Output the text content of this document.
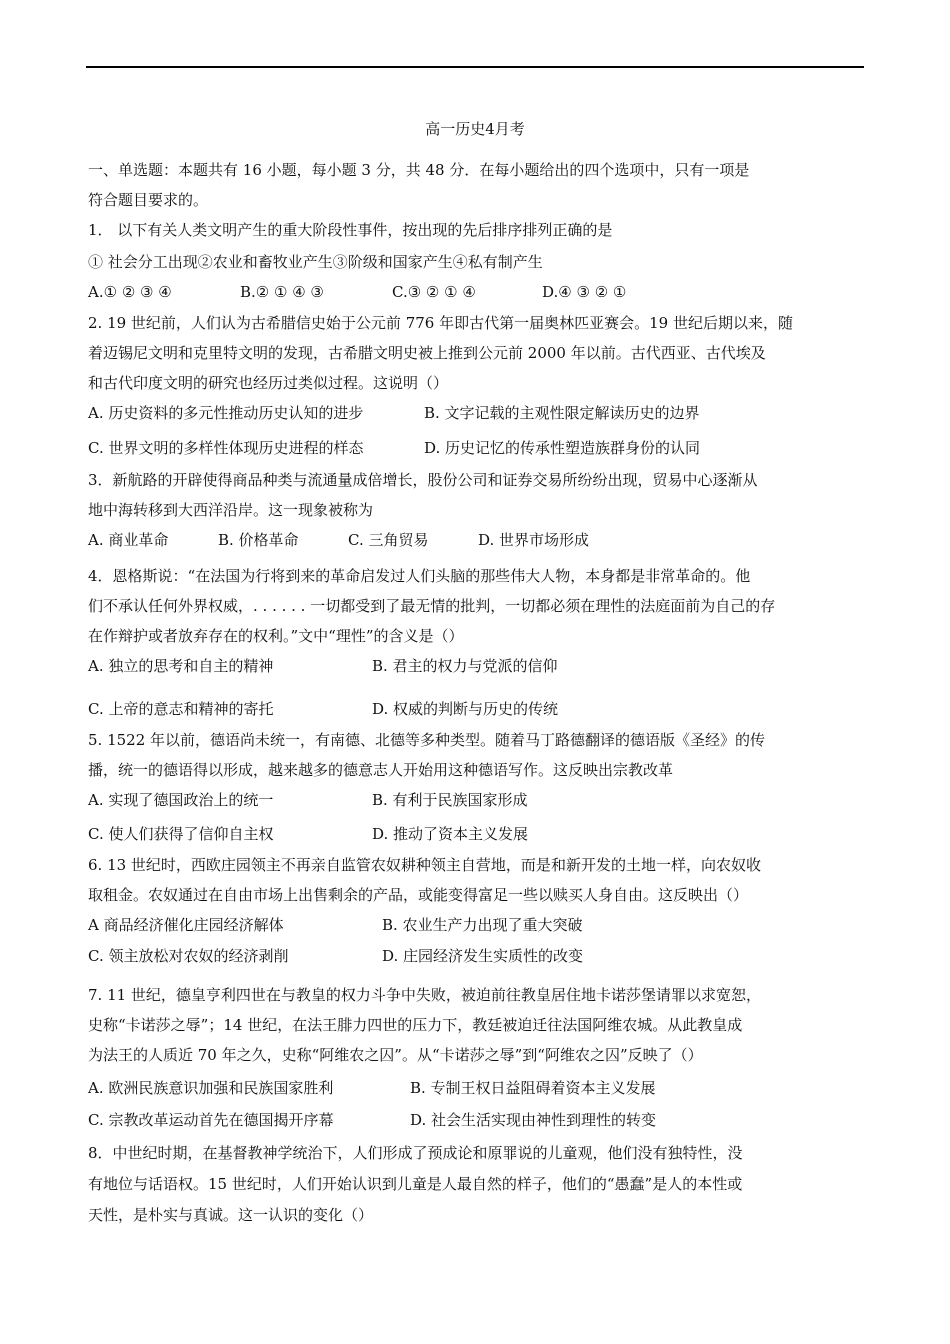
高一历史4月考
一、单选题：本题共有 16 小题，每小题 3 分，共 48 分．在每小题给出的四个选项中，只有一项是
符合题目要求的。
1． 以下有关人类文明产生的重大阶段性事件，按出现的先后排序排列正确的是
① 社会分工出现②农业和畜牧业产生③阶级和国家产生④私有制产生
A.① ② ③ ④	B.② ① ④ ③	C.③ ② ① ④	D.④ ③ ② ①
2. 19 世纪前，人们认为古希腊信史始于公元前 776 年即古代第一届奥林匹亚赛会。19 世纪后期以来，随
着迈锡尼文明和克里特文明的发现，古希腊文明史被上推到公元前 2000 年以前。古代西亚、古代埃及
和古代印度文明的研究也经历过类似过程。这说明（）
A. 历史资料的多元性推动历史认知的进步	B. 文字记载的主观性限定解读历史的边界
C. 世界文明的多样性体现历史进程的样态	D. 历史记忆的传承性塑造族群身份的认同
3．新航路的开辟使得商品种类与流通量成倍增长，股份公司和证券交易所纷纷出现，贸易中心逐渐从
地中海转移到大西洋沿岸。这一现象被称为
A. 商业革命	B. 价格革命	C. 三角贸易	D. 世界市场形成
4．恩格斯说：“在法国为行将到来的革命启发过人们头脑的那些伟大人物，本身都是非常革命的。他
们不承认任何外界权威，. . . . . . 一切都受到了最无情的批判，一切都必须在理性的法庭面前为自己的存
在作辩护或者放弃存在的权利。”文中“理性”的含义是（）
A. 独立的思考和自主的精神	B. 君主的权力与党派的信仰
C. 上帝的意志和精神的寄托	D. 权威的判断与历史的传统
5. 1522 年以前，德语尚未统一，有南德、北德等多种类型。随着马丁路德翻译的德语版《圣经》的传
播，统一的德语得以形成，越来越多的德意志人开始用这种德语写作。这反映出宗教改革
A. 实现了德国政治上的统一	B. 有利于民族国家形成
C. 使人们获得了信仰自主权	D. 推动了资本主义发展
6. 13 世纪时，西欧庄园领主不再亲自监管农奴耕种领主自营地，而是和新开发的土地一样，向农奴收
取租金。农奴通过在自由市场上出售剩余的产品，或能变得富足一些以赎买人身自由。这反映出（）
A 商品经济催化庄园经济解体	B. 农业生产力出现了重大突破
C. 领主放松对农奴的经济剥削	D. 庄园经济发生实质性的改变
7. 11 世纪，德皇亨利四世在与教皇的权力斗争中失败，被迫前往教皇居住地卡诺莎堡请罪以求宽恕，
史称“卡诺莎之辱”；14 世纪，在法王腓力四世的压力下，教廷被迫迁往法国阿维农城。从此教皇成
为法王的人质近 70 年之久，史称“阿维农之囚”。从“卡诺莎之辱”到“阿维农之囚”反映了（）
A. 欧洲民族意识加强和民族国家胜利	B. 专制王权日益阻碍着资本主义发展
C. 宗教改革运动首先在德国揭开序幕	D. 社会生活实现由神性到理性的转变
8．中世纪时期，在基督教神学统治下，人们形成了预成论和原罪说的儿童观，他们没有独特性，没
有地位与话语权。15 世纪时，人们开始认识到儿童是人最自然的样子，他们的“愚蠢”是人的本性或
天性，是朴实与真诚。这一认识的变化（）
